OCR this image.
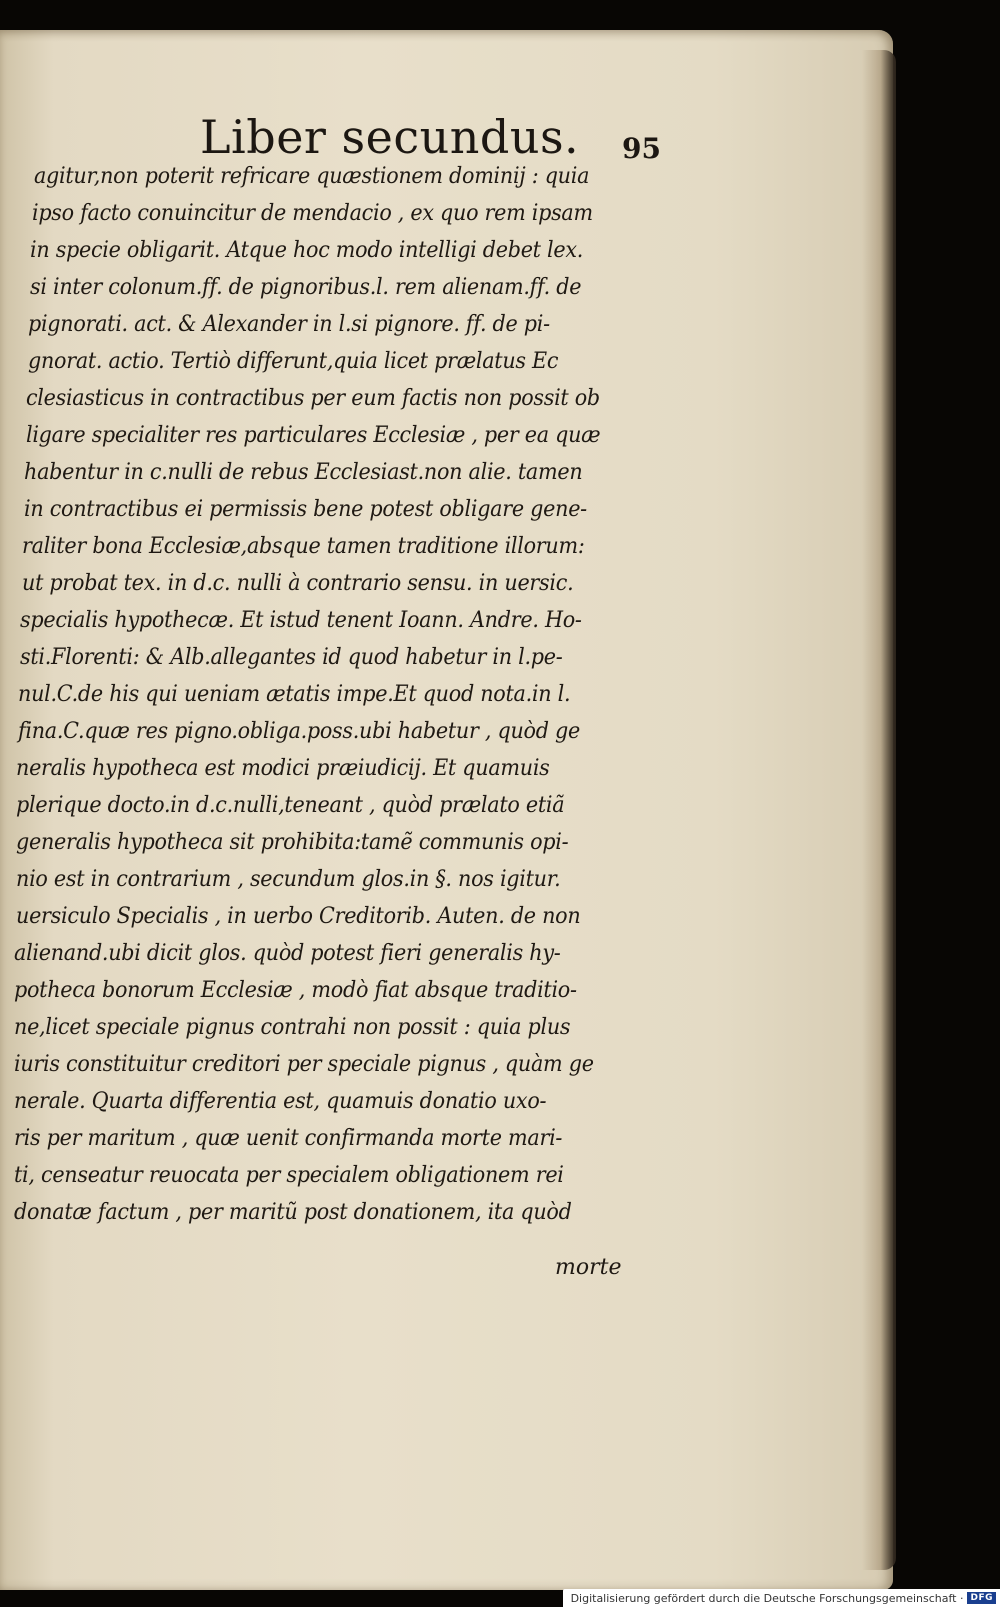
Liber secundus. 95
agitur,non poterit refricare quæstionem dominij : quia
ipso facto conuincitur de mendacio , ex quo rem ipsam
in specie obligarit. Atque hoc modo intelligi debet lex.
si inter colonum.ff. de pignoribus.l. rem alienam.ff. de
pignorati. act. & Alexander in l.si pignore. ff. de pi-
gnorat. actio. Tertiò differunt,quia licet prælatus Ec
clesiasticus in contractibus per eum factis non possit ob
ligare specialiter res particulares Ecclesiæ , per ea quæ
habentur in c.nulli de rebus Ecclesiast.non alie. tamen
in contractibus ei permissis bene potest obligare gene-
raliter bona Ecclesiæ,absque tamen traditione illorum:
ut probat tex. in d.c. nulli à contrario sensu. in uersic.
specialis hypothecæ. Et istud tenent Ioann. Andre. Ho-
sti.Florenti: & Alb.allegantes id quod habetur in l.pe-
nul.C.de his qui ueniam ætatis impe.Et quod nota.in l.
fina.C.quæ res pigno.obliga.poss.ubi habetur , quòd ge
neralis hypotheca est modici præiudicij. Et quamuis
plerique docto.in d.c.nulli,teneant , quòd prælato etiã
generalis hypotheca sit prohibita:tamẽ communis opi-
nio est in contrarium , secundum glos.in §. nos igitur.
uersiculo Specialis , in uerbo Creditorib. Auten. de non
alienand.ubi dicit glos. quòd potest fieri generalis hy-
potheca bonorum Ecclesiæ , modò fiat absque traditio-
ne,licet speciale pignus contrahi non possit : quia plus
iuris constituitur creditori per speciale pignus , quàm ge
nerale. Quarta differentia est, quamuis donatio uxo-
ris per maritum , quæ uenit confirmanda morte mari-
ti, censeatur reuocata per specialem obligationem rei
donatæ factum , per maritũ post donationem, ita quòd
morte
Digitalisierung gefördert durch die Deutsche Forschungsgemeinschaft · DFG
